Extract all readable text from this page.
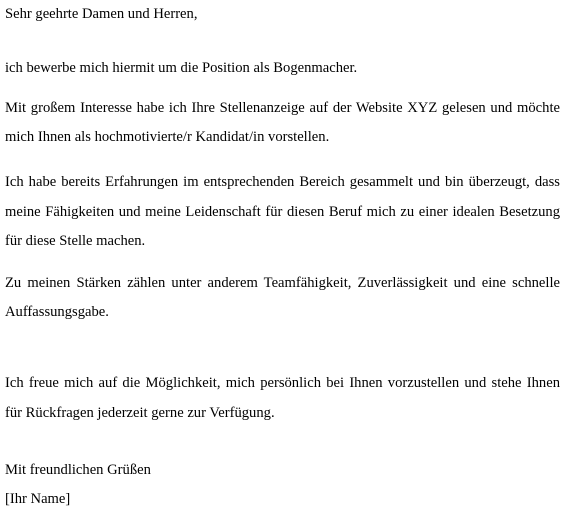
Sehr geehrte Damen und Herren,
ich bewerbe mich hiermit um die Position als Bogenmacher.
Mit großem Interesse habe ich Ihre Stellenanzeige auf der Website XYZ gelesen und möchte
mich Ihnen als hochmotivierte/r Kandidat/in vorstellen.
Ich habe bereits Erfahrungen im entsprechenden Bereich gesammelt und bin überzeugt, dass
meine Fähigkeiten und meine Leidenschaft für diesen Beruf mich zu einer idealen Besetzung
für diese Stelle machen.
Zu meinen Stärken zählen unter anderem Teamfähigkeit, Zuverlässigkeit und eine schnelle
Auffassungsgabe.
Ich freue mich auf die Möglichkeit, mich persönlich bei Ihnen vorzustellen und stehe Ihnen
für Rückfragen jederzeit gerne zur Verfügung.
Mit freundlichen Grüßen
[Ihr Name]
